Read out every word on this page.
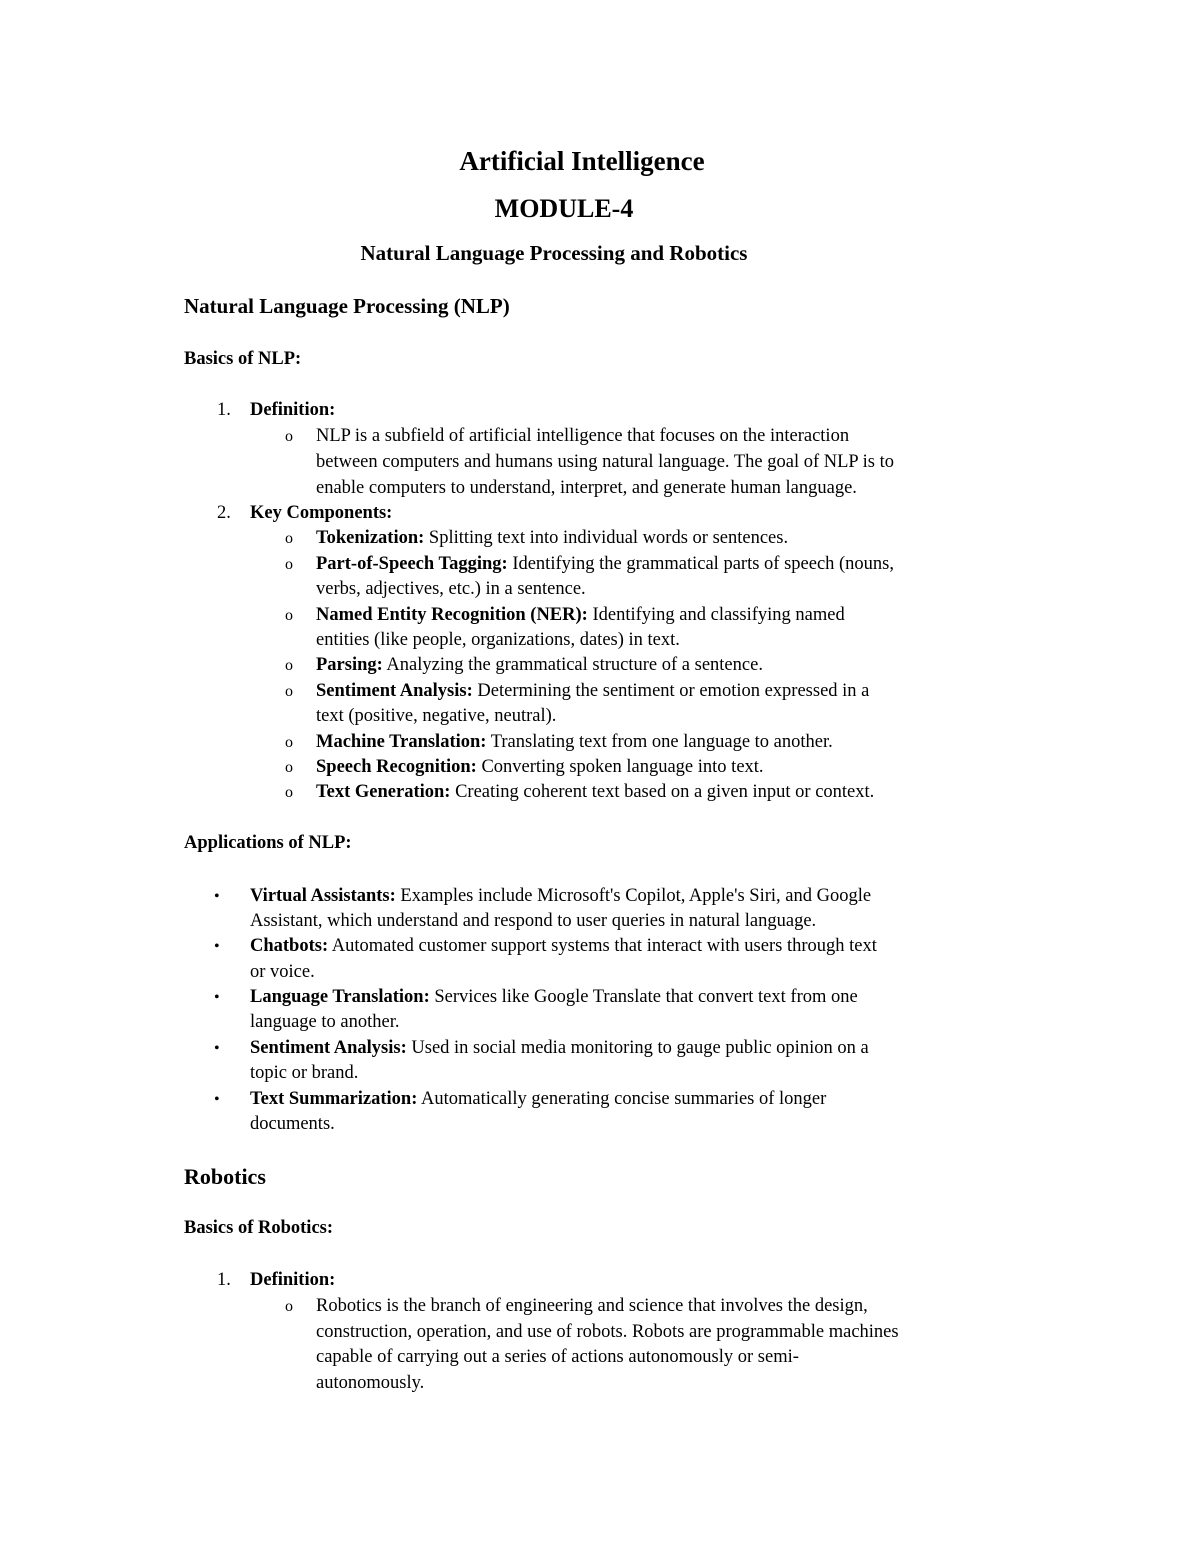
Artificial Intelligence
MODULE-4
Natural Language Processing and Robotics
Natural Language Processing (NLP)
Basics of NLP:
1. Definition:
o NLP is a subfield of artificial intelligence that focuses on the interaction
between computers and humans using natural language. The goal of NLP is to
enable computers to understand, interpret, and generate human language.
2. Key Components:
o Tokenization: Splitting text into individual words or sentences.
o Part-of-Speech Tagging: Identifying the grammatical parts of speech (nouns,
verbs, adjectives, etc.) in a sentence.
o Named Entity Recognition (NER): Identifying and classifying named
entities (like people, organizations, dates) in text.
o Parsing: Analyzing the grammatical structure of a sentence.
o Sentiment Analysis: Determining the sentiment or emotion expressed in a
text (positive, negative, neutral).
o Machine Translation: Translating text from one language to another.
o Speech Recognition: Converting spoken language into text.
o Text Generation: Creating coherent text based on a given input or context.
Applications of NLP:
• Virtual Assistants: Examples include Microsoft's Copilot, Apple's Siri, and Google
Assistant, which understand and respond to user queries in natural language.
• Chatbots: Automated customer support systems that interact with users through text
or voice.
• Language Translation: Services like Google Translate that convert text from one
language to another.
• Sentiment Analysis: Used in social media monitoring to gauge public opinion on a
topic or brand.
• Text Summarization: Automatically generating concise summaries of longer
documents.
Robotics
Basics of Robotics:
1. Definition:
o Robotics is the branch of engineering and science that involves the design,
construction, operation, and use of robots. Robots are programmable machines
capable of carrying out a series of actions autonomously or semi-
autonomously.
